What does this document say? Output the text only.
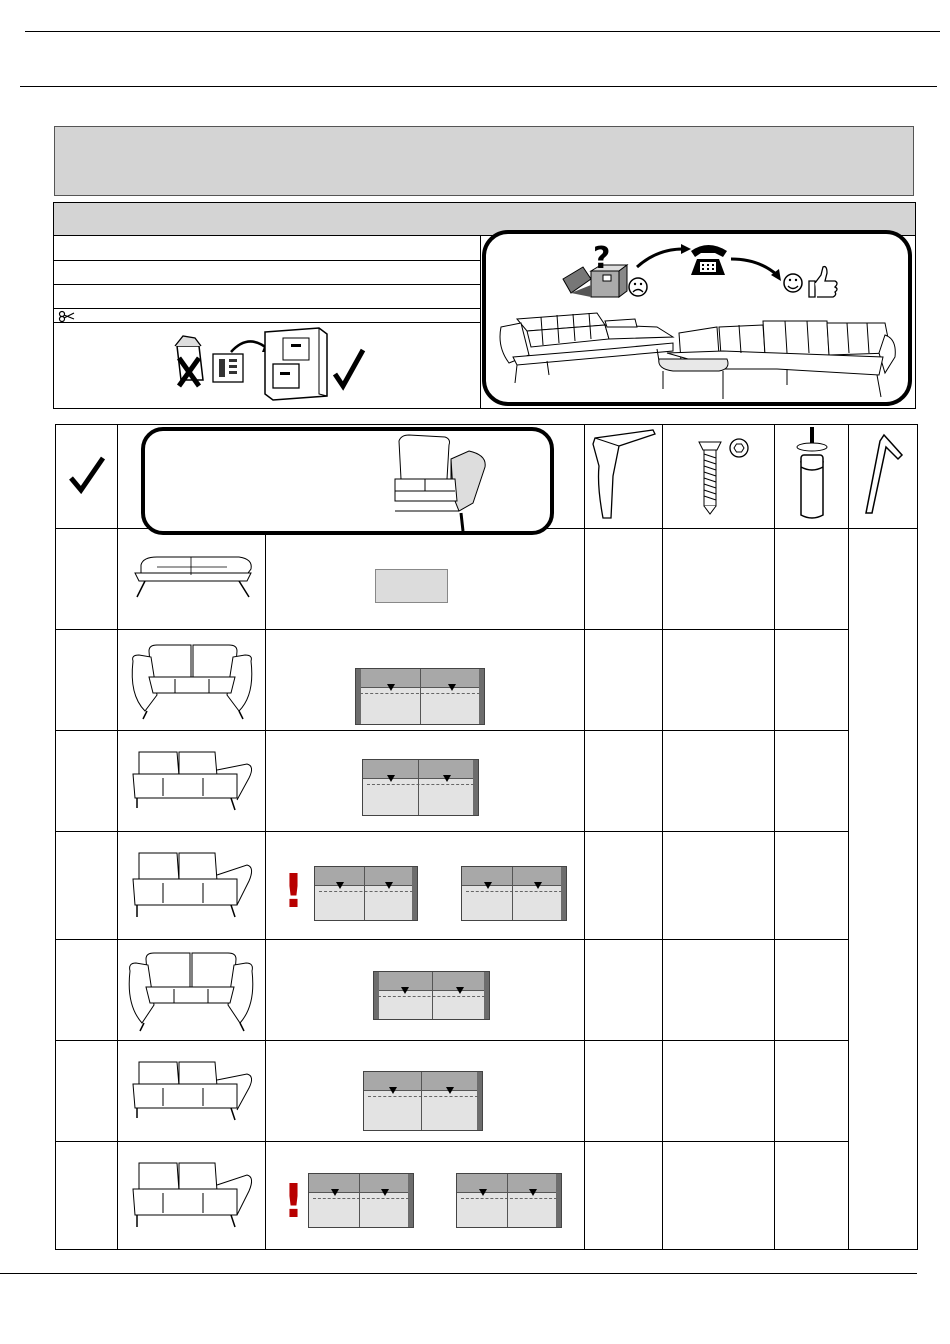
?

!				

!				
